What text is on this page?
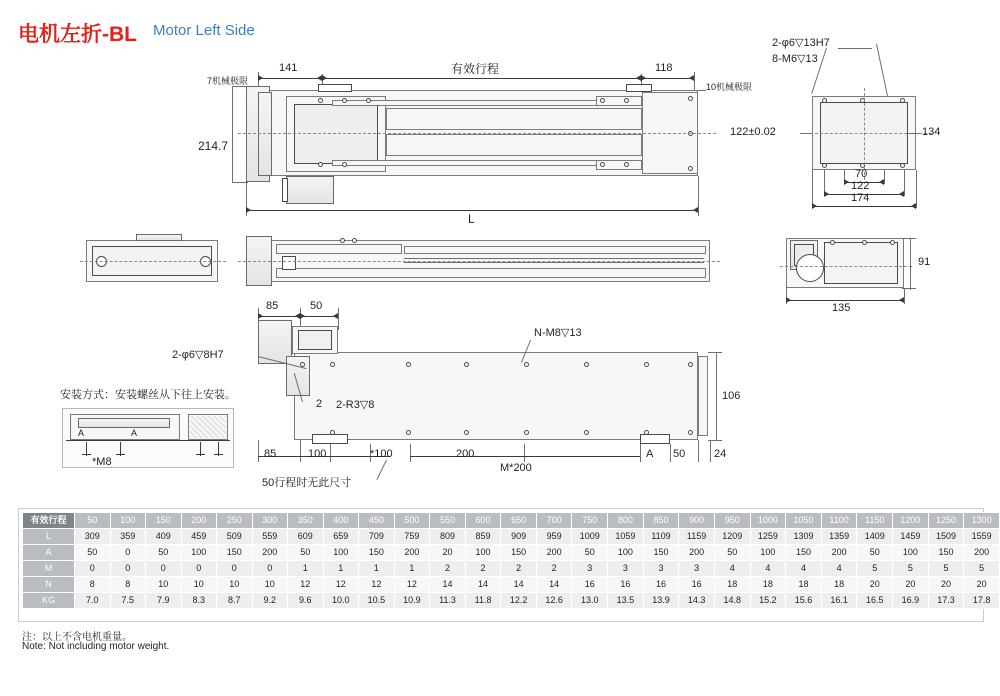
电机左折-BL Motor Left Side
141	118
有效行程
7机械极限
10机械极限
214.7
L
2-φ6▽13H7
8-M6▽13
122±0.02	134
70
122
174
91
135
85	50
N-M8▽13
2-φ6▽8H7
2-R3▽8
2
106
85	100	*100	200
M*200
A 50	24
50行程时无此尺寸
安装方式：安装螺丝从下往上安装。
A	A
*M8
有效行程	50	100	150	200	250	300	350	400	450	500	550	600	650	700	750	800	850	900	950	1000	1050	1100	1150	1200	1250	1300
L	309	359	409	459	509	559	609	659	709	759	809	859	909	959	1009	1059	1109	1159	1209	1259	1309	1359	1409	1459	1509	1559
A	50	0	50	100	150	200	50	100	150	200	20	100	150	200	50	100	150	200	50	100	150	200	50	100	150	200
M	0	0	0	0	0	0	1	1	1	1	2	2	2	2	3	3	3	3	4	4	4	4	5	5	5	5
N	8	8	10	10	10	10	12	12	12	12	14	14	14	14	16	16	16	16	18	18	18	18	20	20	20	20
KG	7.0	7.5	7.9	8.3	8.7	9.2	9.6	10.0	10.5	10.9	11.3	11.8	12.2	12.6	13.0	13.5	13.9	14.3	14.8	15.2	15.6	16.1	16.5	16.9	17.3	17.8
注：以上不含电机重量。
Note: Not including motor weight.
